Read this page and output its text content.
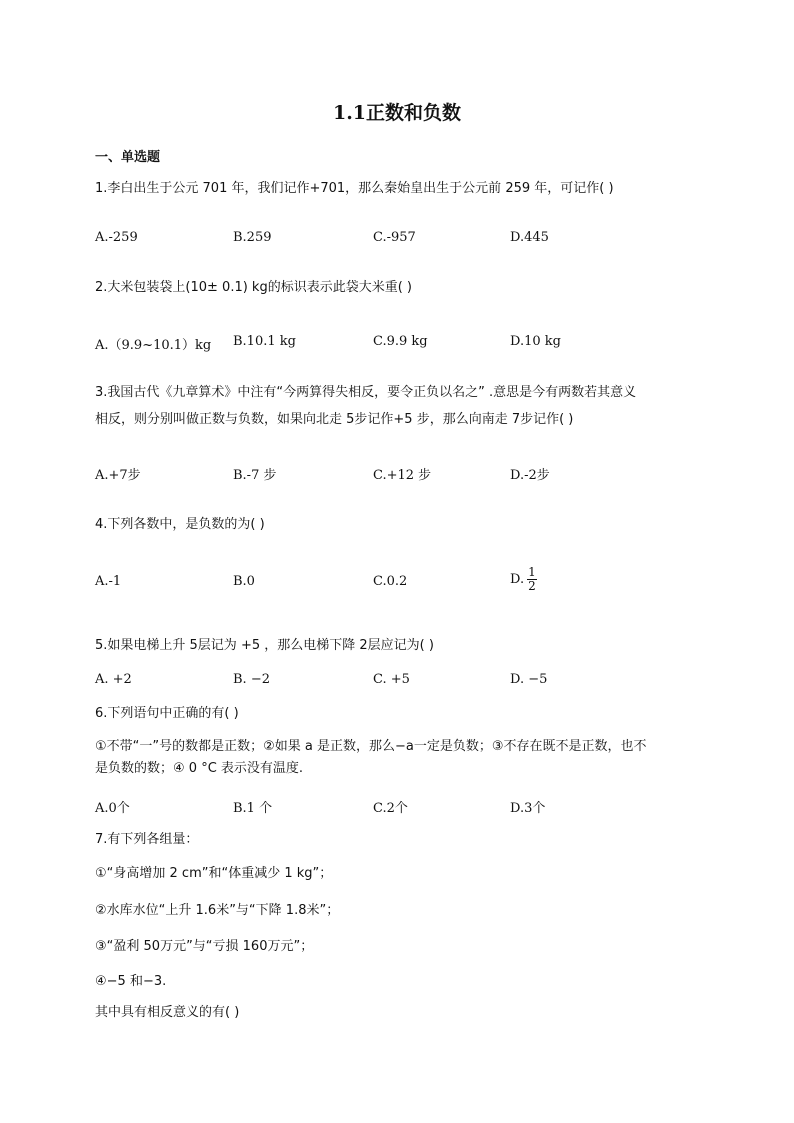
1.1正数和负数
一、单选题
1.李白出生于公元 701 年，我们记作+701，那么秦始皇出生于公元前 259 年，可记作( )
A.-259	B.259	C.-957	D.445
2.大米包装袋上(10± 0.1) kg的标识表示此袋大米重( )
A.（9.9~10.1）kg B.10.1 kg	C.9.9 kg	D.10 kg
3.我国古代《九章算术》中注有“今两算得失相反，要令正负以名之” .意思是今有两数若其意义
相反，则分别叫做正数与负数，如果向北走 5步记作+5 步，那么向南走 7步记作( )
A.+7步	B.-7 步	C.+12 步	D.-2步
4.下列各数中，是负数的为( )
A.-1	B.0	C.0.2	D. $\frac{1}{2}$
5.如果电梯上升 5层记为 +5 ，那么电梯下降 2层应记为( )
A. +2	B. −2	C. +5	D. −5
6.下列语句中正确的有( )
①不带“一”号的数都是正数；②如果 a 是正数，那么−a一定是负数；③不存在既不是正数，也不
是负数的数；④ 0 °C 表示没有温度.
A.0个	B.1 个	C.2个	D.3个
7.有下列各组量：
①“身高增加 2 cm”和“体重减少 1 kg”；
②水库水位“上升 1.6米”与“下降 1.8米”；
③“盈利 50万元”与“亏损 160万元”；
④−5 和−3.
其中具有相反意义的有( )
